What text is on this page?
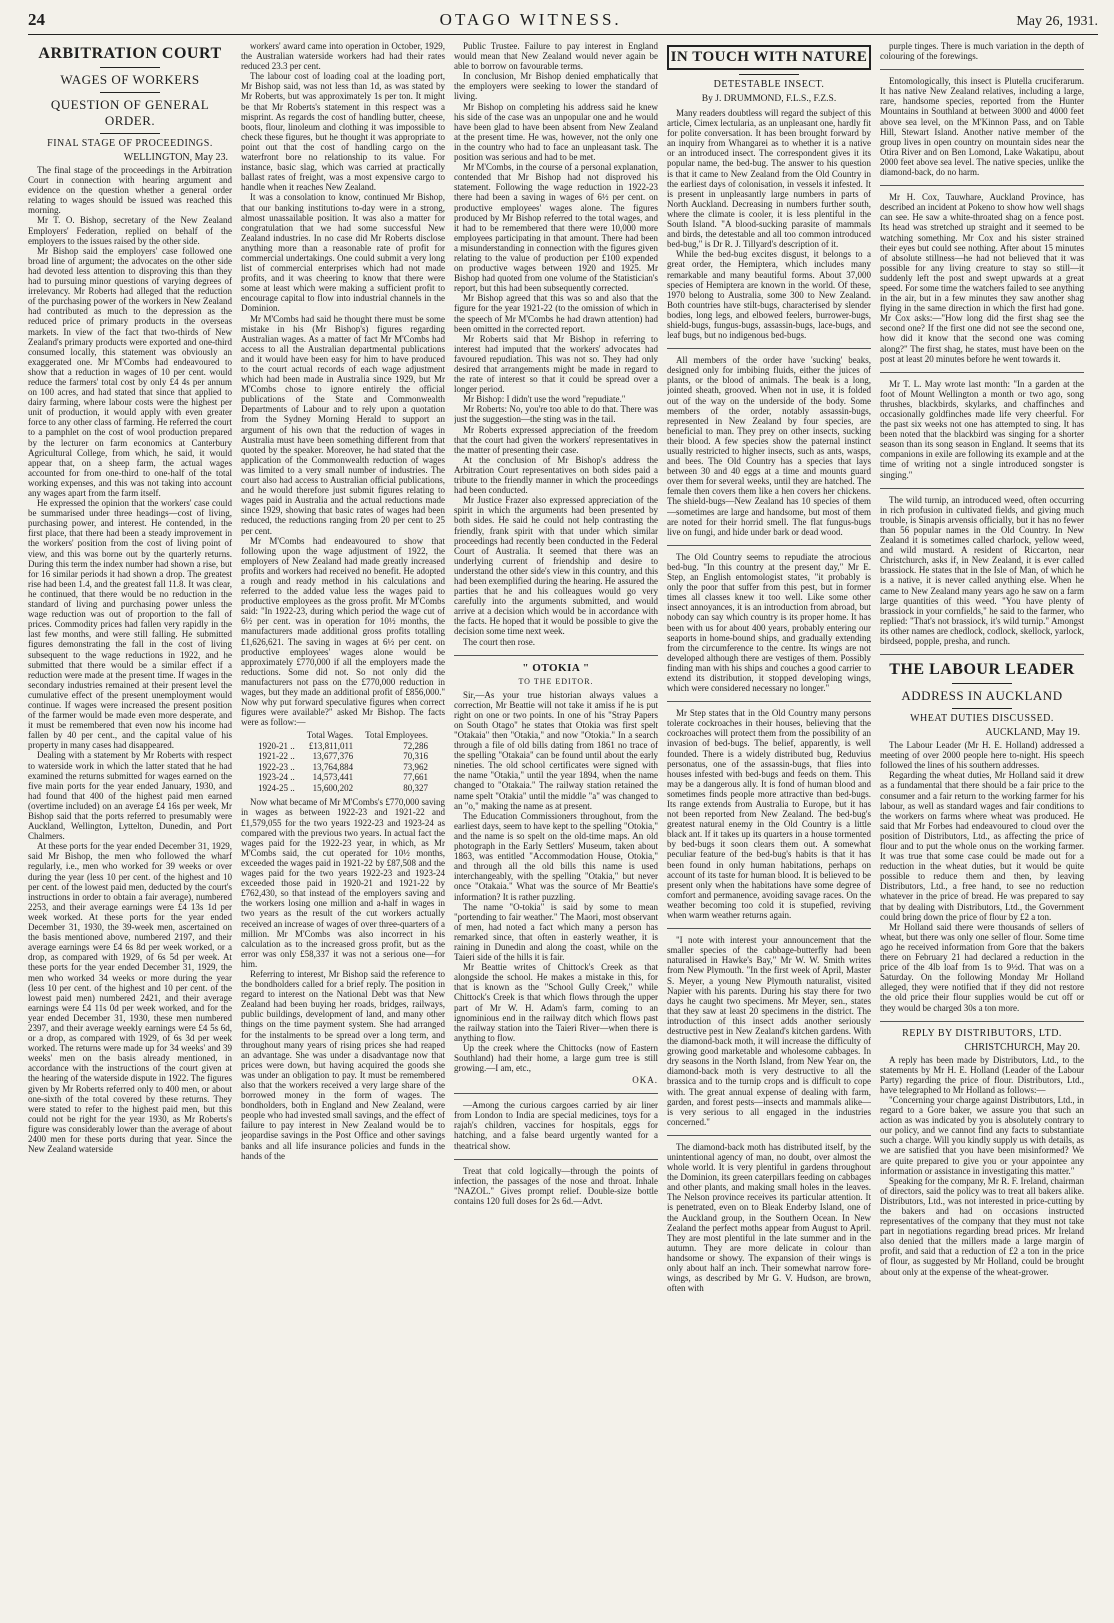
24	OTAGO WITNESS.	May 26, 1931.
ARBITRATION COURT
WAGES OF WORKERS
QUESTION OF GENERAL ORDER.
FINAL STAGE OF PROCEEDINGS.
WELLINGTON, May 23.

The final stage of the proceedings in the Arbitration Court in connection with hearing argument and evidence on the question whether a general order relating to wages should be issued was reached this morning.

Mr T. O. Bishop, secretary of the New Zealand Employers' Federation, replied on behalf of the employers to the issues raised by the other side.

Mr Bishop said the employers' case followed one broad line of argument; the advocates on the other side had devoted less attention to disproving this than they had to pursuing minor questions of varying degrees of irrelevancy. Mr Roberts had alleged that the reduction of the purchasing power of the workers in New Zealand had contributed as much to the depression as the reduced price of primary products in the overseas markets. In view of the fact that two-thirds of New Zealand's primary products were exported and one-third consumed locally, this statement was obviously an exaggerated one. Mr M'Combs had endeavoured to show that a reduction in wages of 10 per cent. would reduce the farmers' total cost by only £4 4s per annum on 100 acres, and had stated that since that applied to dairy farming, where labour costs were the highest per unit of production, it would apply with even greater force to any other class of farming. He referred the court to a pamphlet on the cost of wool production prepared by the lecturer on farm economics at Canterbury Agricultural College, from which, he said, it would appear that, on a sheep farm, the actual wages accounted for from one-third to one-half of the total working expenses, and this was not taking into account any wages apart from the farm itself.

He expressed the opinion that the workers' case could be summarised under three headings—cost of living, purchasing power, and interest. He contended, in the first place, that there had been a steady improvement in the workers' position from the cost of living point of view, and this was borne out by the quarterly returns. During this term the index number had shown a rise, but for 16 similar periods it had shown a drop. The greatest rise had been 1.4, and the greatest fall 11.8. It was clear, he continued, that there would be no reduction in the standard of living and purchasing power unless the wage reduction was out of proportion to the fall of prices. Commodity prices had fallen very rapidly in the last few months, and were still falling. He submitted figures demonstrating the fall in the cost of living subsequent to the wage reductions in 1922, and he submitted that there would be a similar effect if a reduction were made at the present time. If wages in the secondary industries remained at their present level the cumulative effect of the present unemployment would continue. If wages were increased the present position of the farmer would be made even more desperate, and it must be remembered that even now his income had fallen by 40 per cent., and the capital value of his property in many cases had disappeared.

Dealing with a statement by Mr Roberts with respect to waterside work in which the latter stated that he had examined the returns submitted for wages earned on the five main ports for the year ended January, 1930, and had found that 400 of the highest paid men earned (overtime included) on an average £4 16s per week, Mr Bishop said that the ports referred to presumably were Auckland, Wellington, Lyttelton, Dunedin, and Port Chalmers.

At these ports for the year ended December 31, 1929, said Mr Bishop, the men who followed the wharf regularly, i.e., men who worked for 39 weeks or over during the year (less 10 per cent. of the highest and 10 per cent. of the lowest paid men, deducted by the court's instructions in order to obtain a fair average), numbered 2253, and their average earnings were £4 13s 1d per week worked. At these ports for the year ended December 31, 1930, the 39-week men, ascertained on the basis mentioned above, numbered 2197, and their average earnings were £4 6s 8d per week worked, or a drop, as compared with 1929, of 6s 5d per week. At these ports for the year ended December 31, 1929, the men who worked 34 weeks or more during the year (less 10 per cent. of the highest and 10 per cent. of the lowest paid men) numbered 2421, and their average earnings were £4 11s 0d per week worked, and for the year ended December 31, 1930, these men numbered 2397, and their average weekly earnings were £4 5s 6d, or a drop, as compared with 1929, of 6s 3d per week worked. The returns were made up for 34 weeks' and 39 weeks' men on the basis already mentioned, in accordance with the instructions of the court given at the hearing of the waterside dispute in 1922. The figures given by Mr Roberts referred only to 400 men, or about one-sixth of the total covered by these returns. They were stated to refer to the highest paid men, but this could not be right for the year 1930, as Mr Roberts's figure was considerably lower than the average of about 2400 men for these ports during that year. Since the New Zealand waterside

workers' award came into operation in October, 1929, the Australian waterside workers had had their rates reduced 23.3 per cent.

The labour cost of loading coal at the loading port, Mr Bishop said, was not less than 1d, as was stated by Mr Roberts, but was approximately 1s per ton. It might be that Mr Roberts's statement in this respect was a misprint. As regards the cost of handling butter, cheese, boots, flour, linoleum and clothing it was impossible to check these figures, but he thought it was appropriate to point out that the cost of handling cargo on the waterfront bore no relationship to its value. For instance, basic slag, which was carried at practically ballast rates of freight, was a most expensive cargo to handle when it reaches New Zealand.

It was a consolation to know, continued Mr Bishop, that our banking institutions to-day were in a strong, almost unassailable position. It was also a matter for congratulation that we had some successful New Zealand industries. In no case did Mr Roberts disclose anything more than a reasonable rate of profit for commercial undertakings. One could submit a very long list of commercial enterprises which had not made profits, and it was cheering to know that there were some at least which were making a sufficient profit to encourage capital to flow into industrial channels in the Dominion.

Mr M'Combs had said he thought there must be some mistake in his (Mr Bishop's) figures regarding Australian wages. As a matter of fact Mr M'Combs had access to all the Australian departmental publications and it would have been easy for him to have produced to the court actual records of each wage adjustment which had been made in Australia since 1929, but Mr M'Combs chose to ignore entirely the official publications of the State and Commonwealth Departments of Labour and to rely upon a quotation from the Sydney Morning Herald to support an argument of his own that the reduction of wages in Australia must have been something different from that quoted by the speaker. Moreover, he had stated that the application of the Commonwealth reduction of wages was limited to a very small number of industries. The court also had access to Australian official publications, and he would therefore just submit figures relating to wages paid in Australia and the actual reductions made since 1929, showing that basic rates of wages had been reduced, the reductions ranging from 20 per cent to 25 per cent.

Mr M'Combs had endeavoured to show that following upon the wage adjustment of 1922, the employers of New Zealand had made greatly increased profits and workers had received no benefit. He adopted a rough and ready method in his calculations and referred to the added value less the wages paid to productive employees as the gross profit. Mr M'Combs said: "In 1922-23, during which period the wage cut of 6½ per cent. was in operation for 10½ months, the manufacturers made additional gross profits totalling £1,626,621. The saving in wages at 6½ per cent. on productive employees' wages alone would be approximately £770,000 if all the employers made the reductions. Some did not. So not only did the manufacturers not pass on the £770,000 reduction in wages, but they made an additional profit of £856,000." Now why put forward speculative figures when correct figures were available?" asked Mr Bishop. The facts were as follow:—

	Total Wages.	Total Employees.
1920-21 ..	£13,811,011	72,286
1921-22 ..	13,677,376	70,316
1922-23 ..	13,764,884	73,962
1923-24 ..	14,573,441	77,661
1924-25 ..	15,600,202	80,327

Now what became of Mr M'Combs's £770,000 saving in wages as between 1922-23 and 1921-22 and £1,579,055 for the two years 1922-23 and 1923-24 as compared with the previous two years. In actual fact the wages paid for the 1922-23 year, in which, as Mr M'Combs said, the cut operated for 10½ months, exceeded the wages paid in 1921-22 by £87,508 and the wages paid for the two years 1922-23 and 1923-24 exceeded those paid in 1920-21 and 1921-22 by £762,430, so that instead of the employers saving and the workers losing one million and a-half in wages in two years as the result of the cut workers actually received an increase of wages of over three-quarters of a million. Mr M'Combs was also incorrect in his calculation as to the increased gross profit, but as the error was only £58,337 it was not a serious one—for him.

Referring to interest, Mr Bishop said the reference to the bondholders called for a brief reply. The position in regard to interest on the National Debt was that New Zealand had been buying her roads, bridges, railways, public buildings, development of land, and many other things on the time payment system. She had arranged for the instalments to be spread over a long term, and throughout many years of rising prices she had reaped an advantage. She was under a disadvantage now that prices were down, but having acquired the goods she was under an obligation to pay. It must be remembered also that the workers received a very large share of the borrowed money in the form of wages. The bondholders, both in England and New Zealand, were people who had invested small savings, and the effect of failure to pay interest in New Zealand would be to jeopardise savings in the Post Office and other savings banks and all life insurance policies and funds in the hands of the

Public Trustee. Failure to pay interest in England would mean that New Zealand would never again be able to borrow on favourable terms.

In conclusion, Mr Bishop denied emphatically that the employers were seeking to lower the standard of living.

Mr Bishop on completing his address said he knew his side of the case was an unpopular one and he would have been glad to have been absent from New Zealand at the present time. He was, however, not the only one in the country who had to face an unpleasant task. The position was serious and had to be met.

Mr M'Combs, in the course of a personal explanation, contended that Mr Bishop had not disproved his statement. Following the wage reduction in 1922-23 there had been a saving in wages of 6½ per cent. on productive employees' wages alone. The figures produced by Mr Bishop referred to the total wages, and it had to be remembered that there were 10,000 more employees participating in that amount. There had been a misunderstanding in connection with the figures given relating to the value of production per £100 expended on productive wages between 1920 and 1925. Mr Bishop had quoted from one volume of the Statistician's report, but this had been subsequently corrected.

Mr Bishop agreed that this was so and also that the figure for the year 1921-22 (to the omission of which in the speech of Mr M'Combs he had drawn attention) had been omitted in the corrected report.

Mr Roberts said that Mr Bishop in referring to interest had imputed that the workers' advocates had favoured repudiation. This was not so. They had only desired that arrangements might be made in regard to the rate of interest so that it could be spread over a longer period.

Mr Bishop: I didn't use the word "repudiate."

Mr Roberts: No, you're too able to do that. There was just the suggestion—the sting was in the tail.

Mr Roberts expressed appreciation of the freedom that the court had given the workers' representatives in the matter of presenting their case.

At the conclusion of Mr Bishop's address the Arbitration Court representatives on both sides paid a tribute to the friendly manner in which the proceedings had been conducted.

Mr Justice Frazer also expressed appreciation of the spirit in which the arguments had been presented by both sides. He said he could not help contrasting the friendly, frank spirit with that under which similar proceedings had recently been conducted in the Federal Court of Australia. It seemed that there was an underlying current of friendship and desire to understand the other side's view in this country, and this had been exemplified during the hearing. He assured the parties that he and his colleagues would go very carefully into the arguments submitted, and would arrive at a decision which would be in accordance with the facts. He hoped that it would be possible to give the decision some time next week.

The court then rose.

" OTOKIA "
TO THE EDITOR.

Sir,—As your true historian always values a correction, Mr Beattie will not take it amiss if he is put right on one or two points. In one of his "Stray Papers on South Otago" he states that Otokia was first spelt "Otakaia" then "Otakia," and now "Otokia." In a search through a file of old bills dating from 1861 no trace of the spelling "Otakaia" can be found until about the early nineties. The old school certificates were signed with the name "Otakia," until the year 1894, when the name changed to "Otakaia." The railway station retained the name spelt "Otakia" until the middle "a" was changed to an "o," making the name as at present.

The Education Commissioners throughout, from the earliest days, seem to have kept to the spelling "Otokia," and the name is so spelt on the old-time maps. An old photograph in the Early Settlers' Museum, taken about 1863, was entitled "Accommodation House, Otokia," and through all the old bills this name is used interchangeably, with the spelling "Otakia," but never once "Otakaia." What was the source of Mr Beattie's information? It is rather puzzling.

The name "O-tokia" is said by some to mean "portending to fair weather." The Maori, most observant of men, had noted a fact which many a person has remarked since, that often in easterly weather, it is raining in Dunedin and along the coast, while on the Taieri side of the hills it is fair.

Mr Beattie writes of Chittock's Creek as that alongside the school. He makes a mistake in this, for that is known as the "School Gully Creek," while Chittock's Creek is that which flows through the upper part of Mr W. H. Adam's farm, coming to an ignominious end in the railway ditch which flows past the railway station into the Taieri River—when there is anything to flow.

Up the creek where the Chittocks (now of Eastern Southland) had their home, a large gum tree is still growing.—I am, etc.,

OKA.

—Among the curious cargoes carried by air liner from London to India are special medicines, toys for a rajah's children, vaccines for hospitals, eggs for hatching, and a false beard urgently wanted for a theatrical show.

Treat that cold logically—through the points of infection, the passages of the nose and throat. Inhale "NAZOL." Gives prompt relief. Double-size bottle contains 120 full doses for 2s 6d.—Advt.

IN TOUCH WITH NATURE
DETESTABLE INSECT.
By J. DRUMMOND, F.L.S., F.Z.S.

Many readers doubtless will regard the subject of this article, Cimex lectularia, as an unpleasant one, hardly fit for polite conversation. It has been brought forward by an inquiry from Whangarei as to whether it is a native or an introduced insect. The correspondent gives it its popular name, the bed-bug. The answer to his question is that it came to New Zealand from the Old Country in the earliest days of colonisation, in vessels it infested. It is present in unpleasantly large numbers in parts of North Auckland. Decreasing in numbers further south, where the climate is cooler, it is less plentiful in the South Island. "A blood-sucking parasite of mammals and birds, the detestable and all too common introduced bed-bug," is Dr R. J. Tillyard's description of it.

While the bed-bug excites disgust, it belongs to a great order, the Hemiptera, which includes many remarkable and many beautiful forms. About 37,000 species of Hemiptera are known in the world. Of these, 1970 belong to Australia, some 300 to New Zealand. Both countries have stilt-bugs, characterised by slender bodies, long legs, and elbowed feelers, burrower-bugs, shield-bugs, fungus-bugs, assassin-bugs, lace-bugs, and leaf bugs, but no indigenous bed-bugs.

All members of the order have 'sucking' beaks, designed only for imbibing fluids, either the juices of plants, or the blood of animals. The beak is a long, jointed sheath, grooved. When not in use, it is folded out of the way on the underside of the body. Some members of the order, notably assassin-bugs, represented in New Zealand by four species, are beneficial to man. They prey on other insects, sucking their blood. A few species show the paternal instinct usually restricted to higher insects, such as ants, wasps, and bees. The Old Country has a species that lays between 30 and 40 eggs at a time and mounts guard over them for several weeks, until they are hatched. The female then covers them like a hen covers her chickens. The shield-bugs—New Zealand has 10 species of them—sometimes are large and handsome, but most of them are noted for their horrid smell. The flat fungus-bugs live on fungi, and hide under bark or dead wood.

The Old Country seems to repudiate the atrocious bed-bug. "In this country at the present day," Mr E. Step, an English entomologist states, "it probably is only the poor that suffer from this pest, but in former times all classes knew it too well. Like some other insect annoyances, it is an introduction from abroad, but nobody can say which country is its proper home. It has been with us for about 400 years, probably entering our seaports in home-bound ships, and gradually extending from the circumference to the centre. Its wings are not developed although there are vestiges of them. Possibly finding man with his ships and couches a good carrier to extend its distribution, it stopped developing wings, which were considered necessary no longer."

Mr Step states that in the Old Country many persons tolerate cockroaches in their houses, believing that the cockroaches will protect them from the possibility of an invasion of bed-bugs. The belief, apparently, is well founded. There is a widely distributed bug, Reduvius personatus, one of the assassin-bugs, that flies into houses infested with bed-bugs and feeds on them. This may be a dangerous ally. It is fond of human blood and sometimes finds people more attractive than bed-bugs. Its range extends from Australia to Europe, but it has not been reported from New Zealand. The bed-bug's greatest natural enemy in the Old Country is a little black ant. If it takes up its quarters in a house tormented by bed-bugs it soon clears them out. A somewhat peculiar feature of the bed-bug's habits is that it has been found in only human habitations, perhaps on account of its taste for human blood. It is believed to be present only when the habitations have some degree of comfort and permanence, avoiding savage races. On the weather becoming too cold it is stupefied, reviving when warm weather returns again.

"I note with interest your announcement that the smaller species of the cabbage-butterfly had been naturalised in Hawke's Bay," Mr W. W. Smith writes from New Plymouth. "In the first week of April, Master S. Meyer, a young New Plymouth naturalist, visited Napier with his parents. During his stay there for two days he caught two specimens. Mr Meyer, sen., states that they saw at least 20 specimens in the district. The introduction of this insect adds another seriously destructive pest in New Zealand's kitchen gardens. With the diamond-back moth, it will increase the difficulty of growing good marketable and wholesome cabbages. In dry seasons in the North Island, from New Year on, the diamond-back moth is very destructive to all the brassica and to the turnip crops and is difficult to cope with. The great annual expense of dealing with farm, garden, and forest pests—insects and mammals alike—is very serious to all engaged in the industries concerned."

The diamond-back moth has distributed itself, by the unintentional agency of man, no doubt, over almost the whole world. It is very plentiful in gardens throughout the Dominion, its green caterpillars feeding on cabbages and other plants, and making small holes in the leaves. The Nelson province receives its particular attention. It is penetrated, even on to Bleak Enderby Island, one of the Auckland group, in the Southern Ocean. In New Zealand the perfect moths appear from August to April. They are most plentiful in the late summer and in the autumn. They are more delicate in colour than handsome or showy. The expansion of their wings is only about half an inch. Their somewhat narrow fore-wings, as described by Mr G. V. Hudson, are brown, often with

purple tinges. There is much variation in the depth of colouring of the forewings.

Entomologically, this insect is Plutella cruciferarum. It has native New Zealand relatives, including a large, rare, handsome species, reported from the Hunter Mountains in Southland at between 3000 and 4000 feet above sea level, on the M'Kinnon Pass, and on Table Hill, Stewart Island. Another native member of the group lives in open country on mountain sides near the Otira River and on Ben Lomond, Lake Wakatipu, about 2000 feet above sea level. The native species, unlike the diamond-back, do no harm.

Mr H. Cox, Tauwhare, Auckland Province, has described an incident at Pokeno to show how well shags can see. He saw a white-throated shag on a fence post. Its head was stretched up straight and it seemed to be watching something. Mr Cox and his sister strained their eyes but could see nothing. After about 15 minutes of absolute stillness—he had not believed that it was possible for any living creature to stay so still—it suddenly left the post and swept upwards at a great speed. For some time the watchers failed to see anything in the air, but in a few minutes they saw another shag flying in the same direction in which the first had gone. Mr Cox asks:—"How long did the first shag see the second one? If the first one did not see the second one, how did it know that the second one was coming along?" The first shag, he states, must have been on the post at least 20 minutes before he went towards it.

Mr T. L. May wrote last month: "In a garden at the foot of Mount Wellington a month or two ago, song thrushes, blackbirds, skylarks, and chaffinches and occasionally goldfinches made life very cheerful. For the past six weeks not one has attempted to sing. It has been noted that the blackbird was singing for a shorter season than its song season in England. It seems that its companions in exile are following its example and at the time of writing not a single introduced songster is singing."

The wild turnip, an introduced weed, often occurring in rich profusion in cultivated fields, and giving much trouble, is Sinapis arvensis officially, but it has no fewer than 56 popular names in the Old Country. In New Zealand it is sometimes called charlock, yellow weed, and wild mustard. A resident of Riccarton, near Christchurch, asks if, in New Zealand, it is ever called brassiock. He states that in the Isle of Man, of which he is a native, it is never called anything else. When he came to New Zealand many years ago he saw on a farm large quantities of this weed. "You have plenty of brassiock in your cornfields," he said to the farmer, who replied: "That's not brassiock, it's wild turnip." Amongst its other names are chedlock, codlock, skellock, yarlock, birdseed, popple, presha, and runch.

THE LABOUR LEADER
ADDRESS IN AUCKLAND
WHEAT DUTIES DISCUSSED.
AUCKLAND, May 19.

The Labour Leader (Mr H. E. Holland) addressed a meeting of over 2000 people here to-night. His speech followed the lines of his southern addresses.

Regarding the wheat duties, Mr Holland said it drew as a fundamental that there should be a fair price to the consumer and a fair return to the working farmer for his labour, as well as standard wages and fair conditions to the workers on farms where wheat was produced. He said that Mr Forbes had endeavoured to cloud over the position of Distributors, Ltd., as affecting the price of flour and to put the whole onus on the working farmer. It was true that some case could be made out for a reduction in the wheat duties, but it would be quite possible to reduce them and then, by leaving Distributors, Ltd., a free hand, to see no reduction whatever in the price of bread. He was prepared to say that by dealing with Distributors, Ltd., the Government could bring down the price of flour by £2 a ton.

Mr Holland said there were thousands of sellers of wheat, but there was only one seller of flour. Some time ago he received information from Gore that the bakers there on February 21 had declared a reduction in the price of the 4lb loaf from 1s to 9½d. That was on a Saturday. On the following Monday Mr Holland alleged, they were notified that if they did not restore the old price their flour supplies would be cut off or they would be charged 30s a ton more.

REPLY BY DISTRIBUTORS, LTD.
CHRISTCHURCH, May 20.

A reply has been made by Distributors, Ltd., to the statements by Mr H. E. Holland (Leader of the Labour Party) regarding the price of flour. Distributors, Ltd., have telegraphed to Mr Holland as follows:—

"Concerning your charge against Distributors, Ltd., in regard to a Gore baker, we assure you that such an action as was indicated by you is absolutely contrary to our policy, and we cannot find any facts to substantiate such a charge. Will you kindly supply us with details, as we are satisfied that you have been misinformed? We are quite prepared to give you or your appointee any information or assistance in investigating this matter."

Speaking for the company, Mr R. F. Ireland, chairman of directors, said the policy was to treat all bakers alike. Distributors, Ltd., was not interested in price-cutting by the bakers and had on occasions instructed representatives of the company that they must not take part in negotiations regarding bread prices. Mr Ireland also denied that the millers made a large margin of profit, and said that a reduction of £2 a ton in the price of flour, as suggested by Mr Holland, could be brought about only at the expense of the wheat-grower.
